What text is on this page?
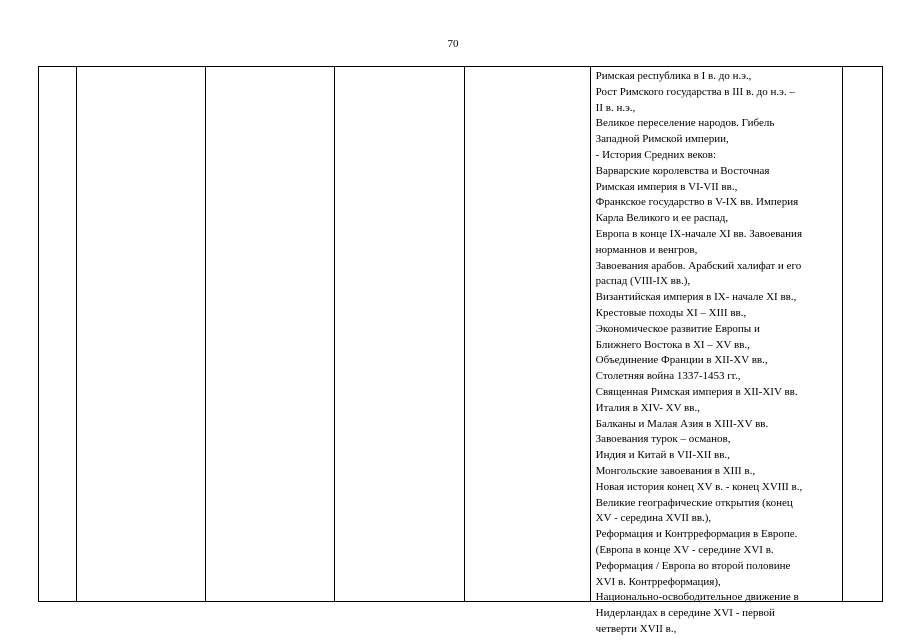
70
Римская республика в I в. до н.э.,
Рост Римского государства в III в. до н.э. –
II в. н.э.,
Великое переселение народов. Гибель
Западной Римской империи,
- История Средних веков:
Варварские королевства и Восточная
Римская империя в VI-VII вв.,
Франкское государство в V-IX вв. Империя
Карла Великого и ее распад,
Европа в конце IX-начале XI вв. Завоевания
норманнов и венгров,
Завоевания арабов. Арабский халифат и его
распад (VIII-IX вв.),
Византийская империя в IX- начале XI вв.,
Крестовые походы XI – XIII вв.,
Экономическое развитие Европы и
Ближнего Востока в XI – XV вв.,
Объединение Франции в XII-XV вв.,
Столетняя война 1337-1453 гг.,
Священная Римская империя в XII-XIV вв.
Италия в XIV- XV вв.,
Балканы и Малая Азия в XIII-XV вв.
Завоевания турок – османов,
Индия и Китай в VII-XII вв.,
Монгольские завоевания в XIII в.,
Новая история конец XV в. - конец XVIII в.,
Великие географические открытия (конец
XV - середина XVII вв.),
Реформация и Контрреформация в Европе.
(Европа в конце XV - середине XVI в.
Реформация / Европа во второй половине
XVI в. Контрреформация),
Национально-освободительное движение в
Нидерландах в середине XVI - первой
четверти XVII в.,
